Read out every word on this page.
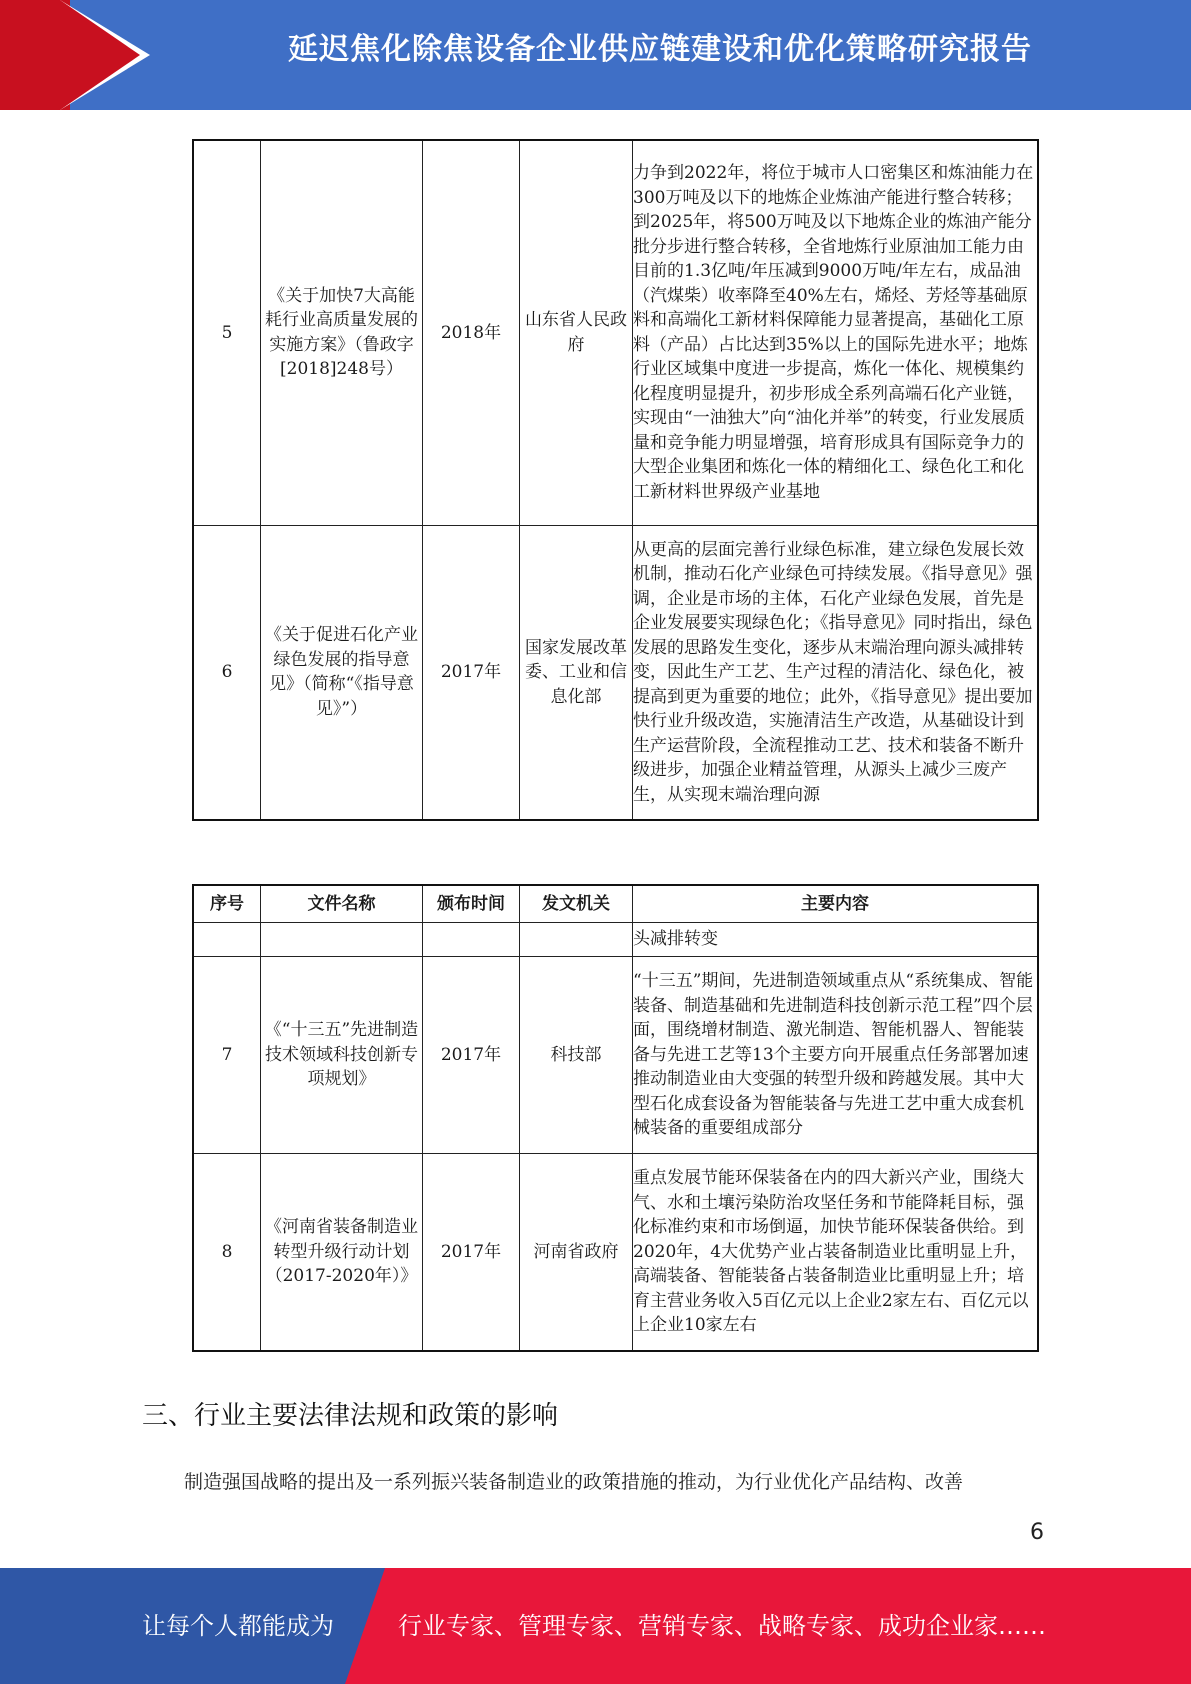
延迟焦化除焦设备企业供应链建设和优化策略研究报告
5	《关于加快7大高能耗行业高质量发展的实施方案》（鲁政字[2018]248号）	2018年	山东省人民政府	力争到2022年，将位于城市人口密集区和炼油能力在300万吨及以下的地炼企业炼油产能进行整合转移；到2025年，将500万吨及以下地炼企业的炼油产能分批分步进行整合转移，全省地炼行业原油加工能力由目前的1.3亿吨/年压减到9000万吨/年左右，成品油（汽煤柴）收率降至40%左右，烯烃、芳烃等基础原料和高端化工新材料保障能力显著提高，基础化工原料（产品）占比达到35%以上的国际先进水平；地炼行业区域集中度进一步提高，炼化一体化、规模集约化程度明显提升，初步形成全系列高端石化产业链，实现由“一油独大”向“油化并举”的转变，行业发展质量和竞争能力明显增强，培育形成具有国际竞争力的大型企业集团和炼化一体的精细化工、绿色化工和化工新材料世界级产业基地
6	《关于促进石化产业绿色发展的指导意见》（简称“《指导意见》”）	2017年	国家发展改革委、工业和信息化部	从更高的层面完善行业绿色标准，建立绿色发展长效机制，推动石化产业绿色可持续发展。《指导意见》强调，企业是市场的主体，石化产业绿色发展，首先是企业发展要实现绿色化；《指导意见》同时指出，绿色发展的思路发生变化，逐步从末端治理向源头减排转变，因此生产工艺、生产过程的清洁化、绿色化，被提高到更为重要的地位；此外，《指导意见》提出要加快行业升级改造，实施清洁生产改造，从基础设计到生产运营阶段，全流程推动工艺、技术和装备不断升级进步，加强企业精益管理，从源头上减少三废产生，从实现末端治理向源
序号	文件名称	颁布时间	发文机关	主要内容
				头减排转变
7	《“十三五”先进制造技术领域科技创新专项规划》	2017年	科技部	“十三五”期间，先进制造领域重点从“系统集成、智能装备、制造基础和先进制造科技创新示范工程”四个层面，围绕增材制造、激光制造、智能机器人、智能装备与先进工艺等13个主要方向开展重点任务部署加速推动制造业由大变强的转型升级和跨越发展。其中大型石化成套设备为智能装备与先进工艺中重大成套机械装备的重要组成部分
8	《河南省装备制造业转型升级行动计划（2017-2020年）》	2017年	河南省政府	重点发展节能环保装备在内的四大新兴产业，围绕大气、水和土壤污染防治攻坚任务和节能降耗目标，强化标准约束和市场倒逼，加快节能环保装备供给。到2020年，4大优势产业占装备制造业比重明显上升，高端装备、智能装备占装备制造业比重明显上升；培育主营业务收入5百亿元以上企业2家左右、百亿元以上企业10家左右
三、行业主要法律法规和政策的影响
制造强国战略的提出及一系列振兴装备制造业的政策措施的推动，为行业优化产品结构、改善
6
让每个人都能成为	行业专家、管理专家、营销专家、战略专家、成功企业家……
